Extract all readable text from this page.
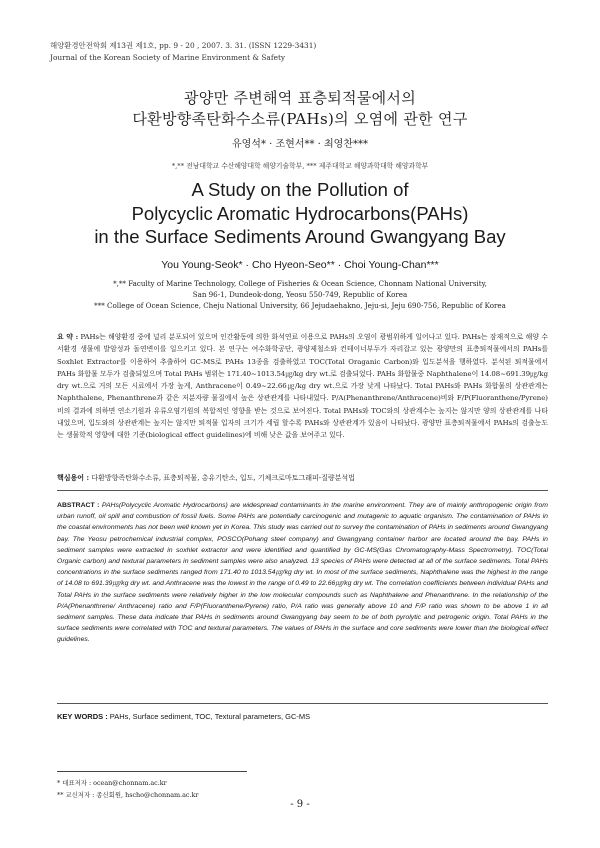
해양환경안전학회 제13권 제1호, pp. 9 - 20 , 2007. 3. 31. (ISSN 1229-3431)
Journal of the Korean Society of Marine Environment & Safety
광양만 주변해역 표층퇴적물에서의
다환방향족탄화수소류(PAHs)의 오염에 관한 연구
유영석* · 조현서** · 최영찬***
*,** 전남대학교 수산해양대학 해양기술학부, *** 제주대학교 해양과학대학 해양과학부
A Study on the Pollution of
Polycyclic Aromatic Hydrocarbons(PAHs)
in the Surface Sediments Around Gwangyang Bay
You Young-Seok* · Cho Hyeon-Seo** · Choi Young-Chan***
*,** Faculty of Marine Technology, College of Fisheries & Ocean Science, Chonnam National University,
San 96-1, Dundeok-dong, Yeosu 550-749, Republic of Korea
*** College of Ocean Science, Cheju National University, 66 Jejudaehakno, Jeju-si, Jeju 690-756, Republic of Korea
요 약 : PAHs는 해양환경 중에 널리 분포되어 있으며 인간활동에 의한 화석연료 이용으로 PAHs의 오염이 광범위하게 일어나고 있다. PAHs는 잠재적으로 해양 수서환경 생물에 발암성과 돌연변이를 일으키고 있다. 본 연구는 여수화학공단, 광양제철소와 컨테이너부두가 자리잡고 있는 광양만의 표층퇴적물에서의 PAHs를 Soxhlet Extractor를 이용하여 추출하여 GC-MS로 PAHs 13종을 검출하였고 TOC(Total Oraganic Carbon)와 입도분석을 행하였다. 분석된 퇴적물에서 PAHs 화합물 모두가 검출되었으며 Total PAHs 범위는 171.40~1013.54㎍/kg dry wt.로 검출되었다. PAHs 화합물중 Naphthalene이 14.08~691.39㎍/kg dry wt.으로 거의 모든 시료에서 가장 높게, Anthracene이 0.49~22.66㎍/kg dry wt.으로 가장 낮게 나타났다. Total PAHs와 PAHs 화합물의 상관관계는 Naphthalene, Phenanthrene과 같은 저분자량 물질에서 높은 상관관계를 나타내었다. P/A(Phenanthrene/Anthracene)비와 F/P(Fluoranthene/Pyrene)비의 결과에 의하면 연소기원과 유류오염기원의 복합적인 영향을 받는 것으로 보여진다. Total PAHs와 TOC와의 상관계수는 높지는 않지만 양의 상관관계를 나타내었으며, 입도와의 상관관계는 높지는 않지만 퇴적물 입자의 크기가 세립 할수록 PAHs와 상관관계가 있음이 나타났다. 광양만 표층퇴적물에서 PAHs의 검출농도는 생물학적 영향에 대한 기준(biological effect guidelines)에 비해 낮은 값을 보여주고 있다.
핵심용어 : 다환방향족탄화수소류, 표층퇴적물, 총유기탄소, 입도, 기체크로마토그래피-질량분석법
ABSTRACT : PAHs(Polycyclic Aromatic Hydrocarbons) are widespread contaminants in the marine environment. They are of mainly anthropogenic origin from urban runoff, oil spill and combustion of fossil fuels. Some PAHs are potentially carcinogenic and mutagenic to aquatic organism. The contamination of PAHs in the coastal environments has not been well known yet in Korea. This study was carried out to survey the contamination of PAHs in sediments around Gwangyang bay. The Yeosu petrochemical industrial complex, POSCO(Pohang steel company) and Gwangyang container harbor are located around the bay. PAHs in sediment samples were extracted in soxhlet extractor and were identified and quantified by GC-MS(Gas Chromatography-Mass Spectrometry). TOC(Total Organic carbon) and textural parameters in sediment samples were also analyzed. 13 species of PAHs were detected at all of the surface sediments. Total PAHs concentrations in the surface sediments ranged from 171.40 to 1013.54㎍/kg dry wt. In most of the surface sediments, Naphthalene was the highest in the range of 14.08 to 691.39㎍/kg dry wt. and Anthracene was the lowest in the range of 0.49 to 22.66㎍/kg dry wt. The correlation coefficients between individual PAHs and Total PAHs in the surface sediments were relatively higher in the low molecular compounds such as Naphthalene and Phenanthrene. In the relationship of the P/A(Phenanthrene/ Anthracene) ratio and F/P(Fluoranthene/Pyrene) ratio, P/A ratio was generally above 10 and F/P ratio was shown to be above 1 in all sediment samples. These data indicate that PAHs in sediments around Gwangyang bay seem to be of both pyrolytic and petrogenic origin. Total PAHs in the surface sediments were correlated with TOC and textural parameters. The values of PAHs in the surface and core sediments were lower than the biological effect guidelines.
KEY WORDS : PAHs, Surface sediment, TOC, Textural parameters, GC-MS
* 대표저자 : ocean@chonnam.ac.kr
** 교신저자 : 종신회원, hscho@chonnam.ac.kr
- 9 -
